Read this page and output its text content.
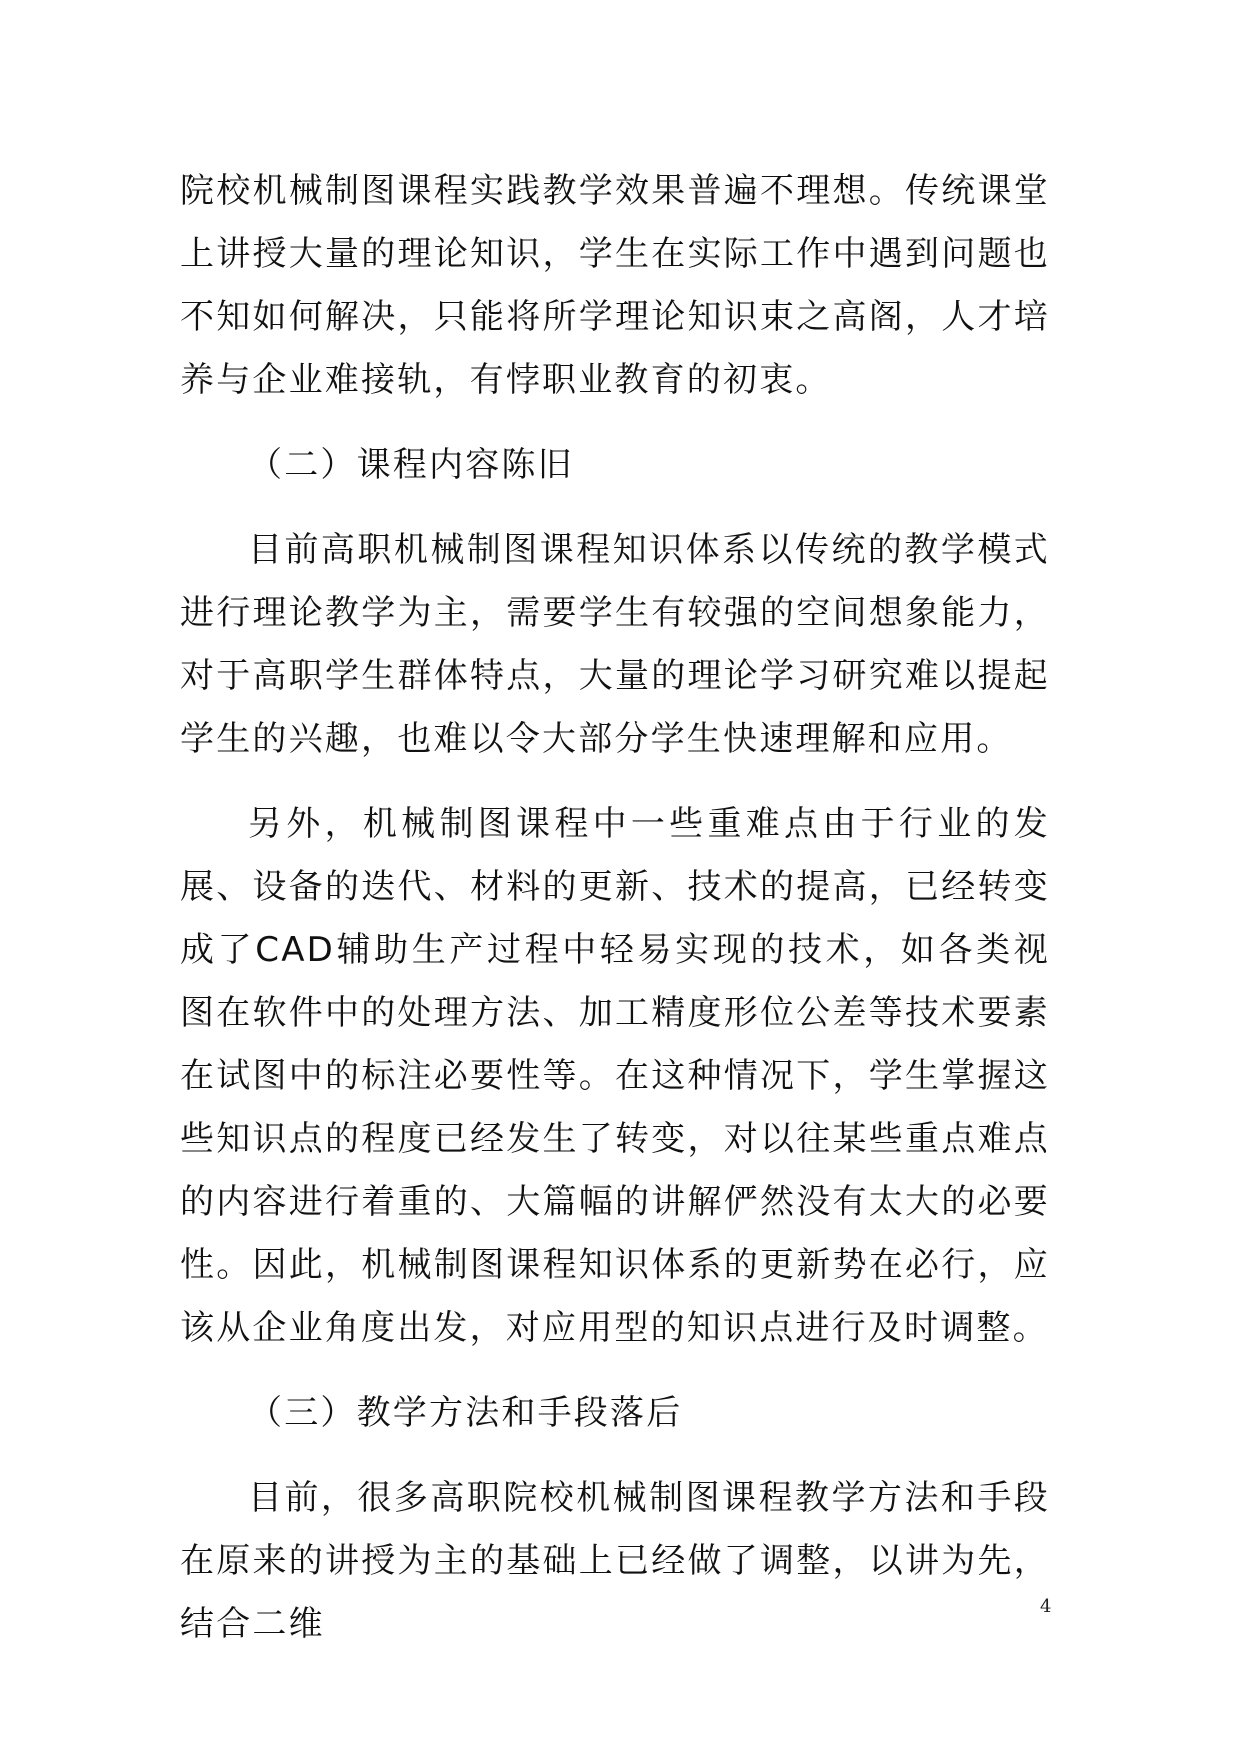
院校机械制图课程实践教学效果普遍不理想。传统课堂上讲授大量的理论知识，学生在实际工作中遇到问题也不知如何解决，只能将所学理论知识束之高阁，人才培养与企业难接轨，有悖职业教育的初衷。

（二）课程内容陈旧

目前高职机械制图课程知识体系以传统的教学模式进行理论教学为主，需要学生有较强的空间想象能力，对于高职学生群体特点，大量的理论学习研究难以提起学生的兴趣，也难以令大部分学生快速理解和应用。

另外，机械制图课程中一些重难点由于行业的发展、设备的迭代、材料的更新、技术的提高，已经转变成了CAD辅助生产过程中轻易实现的技术，如各类视图在软件中的处理方法、加工精度形位公差等技术要素在试图中的标注必要性等。在这种情况下，学生掌握这些知识点的程度已经发生了转变，对以往某些重点难点的内容进行着重的、大篇幅的讲解俨然没有太大的必要性。因此，机械制图课程知识体系的更新势在必行，应该从企业角度出发，对应用型的知识点进行及时调整。

（三）教学方法和手段落后

目前，很多高职院校机械制图课程教学方法和手段在原来的讲授为主的基础上已经做了调整，以讲为先，结合二维	4
